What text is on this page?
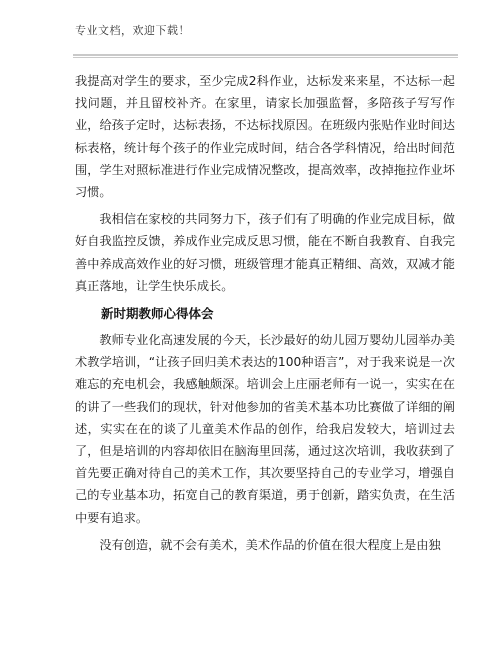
专业文档，欢迎下载！

我提高对学生的要求，至少完成2科作业，达标发来来星，不达标一起找问题，并且留校补齐。在家里，请家长加强监督，多陪孩子写写作业，给孩子定时，达标表扬，不达标找原因。在班级内张贴作业时间达标表格，统计每个孩子的作业完成时间，结合各学科情况，给出时间范围，学生对照标准进行作业完成情况整改，提高效率，改掉拖拉作业坏习惯。

我相信在家校的共同努力下，孩子们有了明确的作业完成目标，做好自我监控反馈，养成作业完成反思习惯，能在不断自我教育、自我完善中养成高效作业的好习惯，班级管理才能真正精细、高效，双减才能真正落地，让学生快乐成长。

新时期教师心得体会

教师专业化高速发展的今天，长沙最好的幼儿园万婴幼儿园举办美术教学培训，“让孩子回归美术表达的100种语言”，对于我来说是一次难忘的充电机会，我感触颇深。培训会上庄丽老师有一说一，实实在在的讲了一些我们的现状，针对他参加的省美术基本功比赛做了详细的阐述，实实在在的谈了儿童美术作品的创作，给我启发较大，培训过去了，但是培训的内容却依旧在脑海里回荡，通过这次培训，我收获到了首先要正确对待自己的美术工作，其次要坚持自己的专业学习，增强自己的专业基本功，拓宽自己的教育渠道，勇于创新，踏实负责，在生活中要有追求。

没有创造，就不会有美术，美术作品的价值在很大程度上是由独
